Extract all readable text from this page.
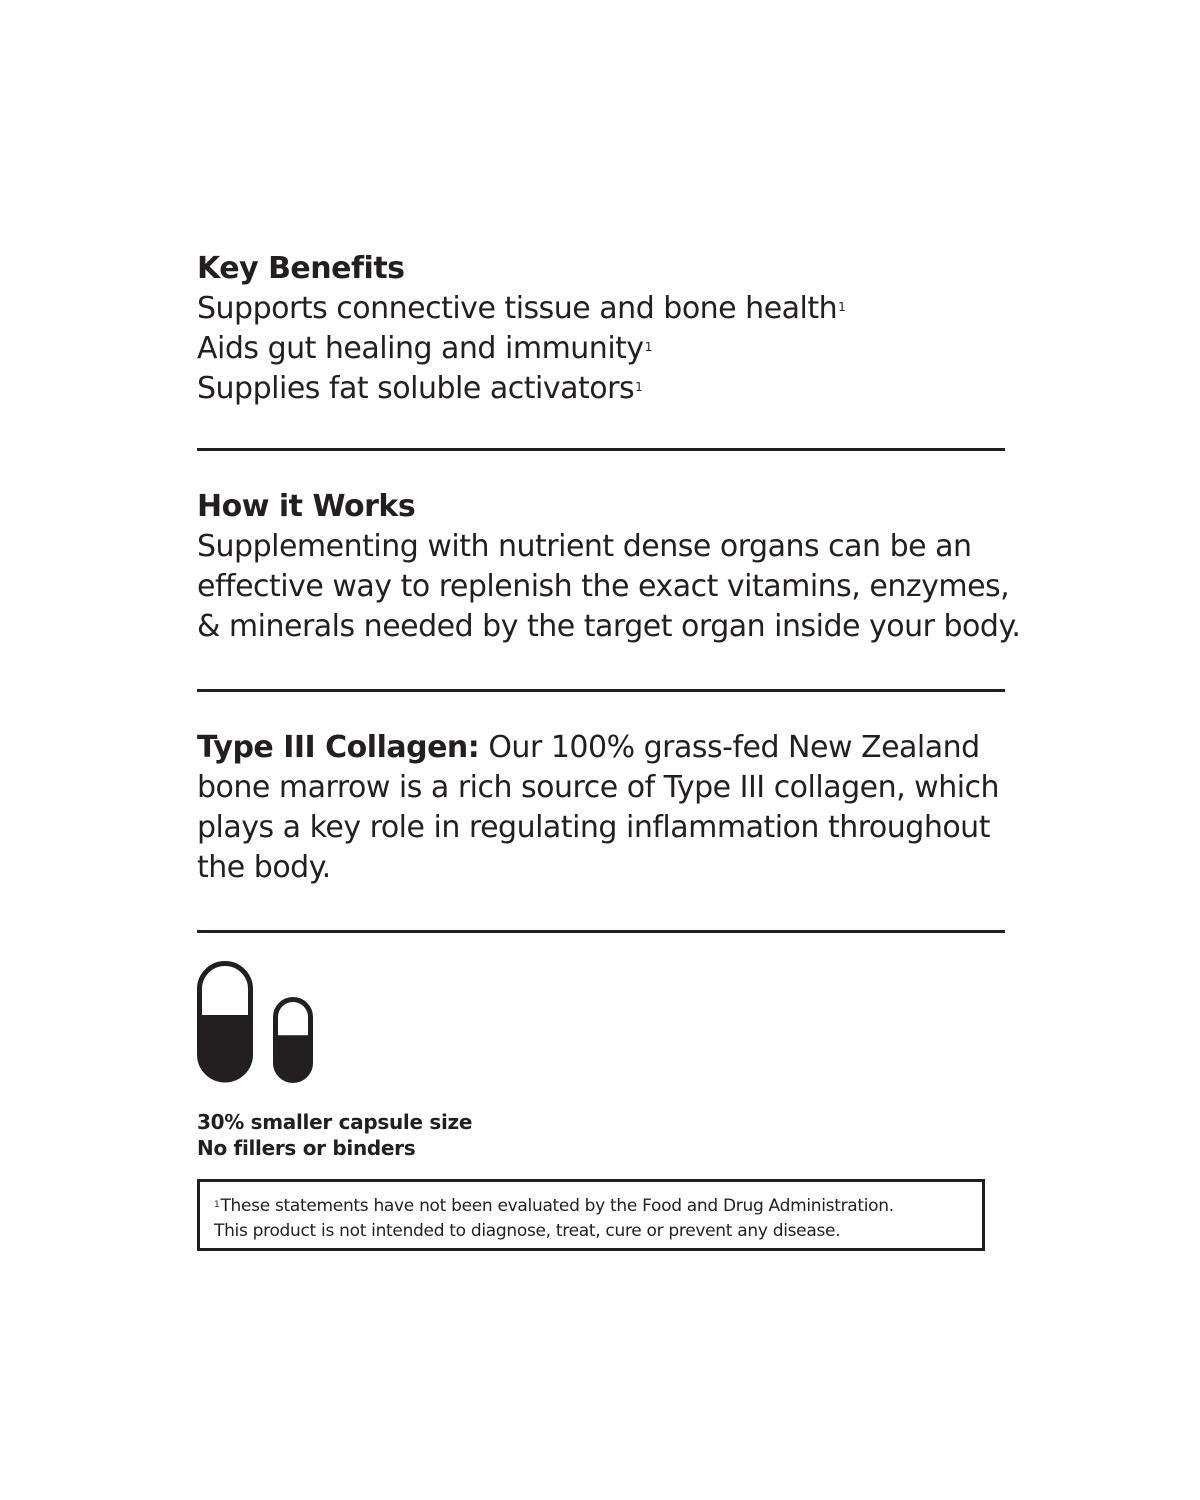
Key Benefits

Supports connective tissue and bone health$^1$

Aids gut healing and immunity$^1$

Supplies fat soluble activators$^1$

How it Works

Supplementing with nutrient dense organs can be an

effective way to replenish the exact vitamins, enzymes,

& minerals needed by the target organ inside your body.

Type III Collagen: Our 100% grass-fed New Zealand bone marrow is a rich source of Type III collagen, which plays a key role in regulating inflammation throughout the body.

30% smaller capsule size

No fillers or binders

$^1$These statements have not been evaluated by the Food and Drug Administration.

This product is not intended to diagnose, treat, cure or prevent any disease.
